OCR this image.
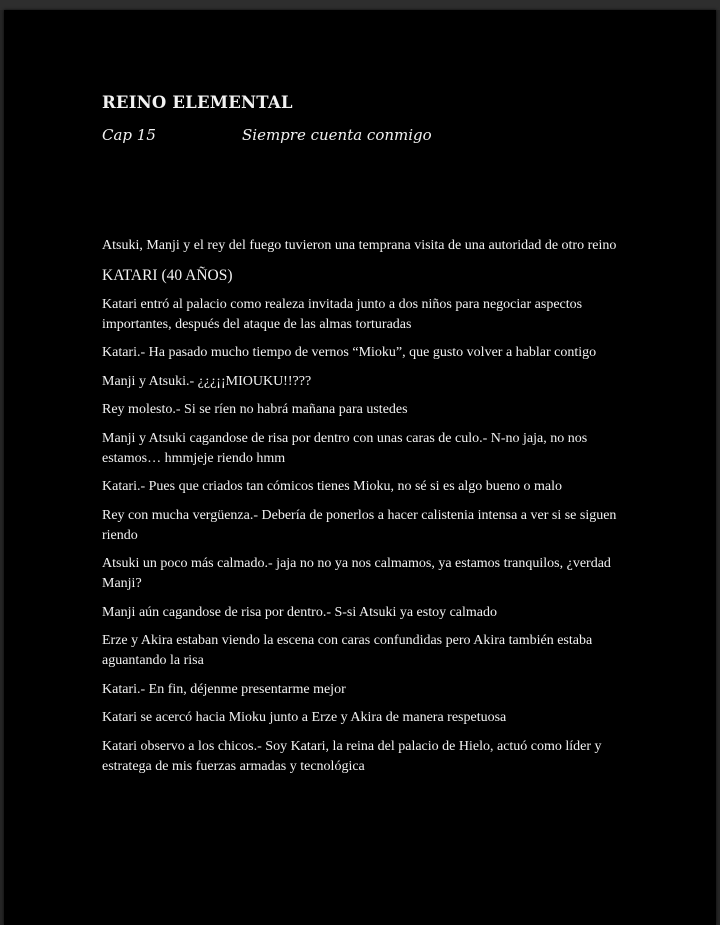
REINO ELEMENTAL
Cap 15	Siempre cuenta conmigo

Atsuki, Manji y el rey del fuego tuvieron una temprana visita de una autoridad de otro reino

KATARI (40 AÑOS)

Katari entró al palacio como realeza invitada junto a dos niños para negociar aspectos importantes, después del ataque de las almas torturadas

Katari.- Ha pasado mucho tiempo de vernos “Mioku”, que gusto volver a hablar contigo

Manji y Atsuki.- ¿¿¿¡¡MIOUKU!!???

Rey molesto.- Si se ríen no habrá mañana para ustedes

Manji y Atsuki cagandose de risa por dentro con unas caras de culo.- N-no jaja, no nos estamos… hmmjeje riendo hmm

Katari.- Pues que criados tan cómicos tienes Mioku, no sé si es algo bueno o malo

Rey con mucha vergüenza.- Debería de ponerlos a hacer calistenia intensa a ver si se siguen riendo

Atsuki un poco más calmado.- jaja no no ya nos calmamos, ya estamos tranquilos, ¿verdad Manji?

Manji aún cagandose de risa por dentro.- S-si Atsuki ya estoy calmado

Erze y Akira estaban viendo la escena con caras confundidas pero Akira también estaba aguantando la risa

Katari.- En fin, déjenme presentarme mejor

Katari se acercó hacia Mioku junto a Erze y Akira de manera respetuosa

Katari observo a los chicos.- Soy Katari, la reina del palacio de Hielo, actuó como líder y estratega de mis fuerzas armadas y tecnológica
